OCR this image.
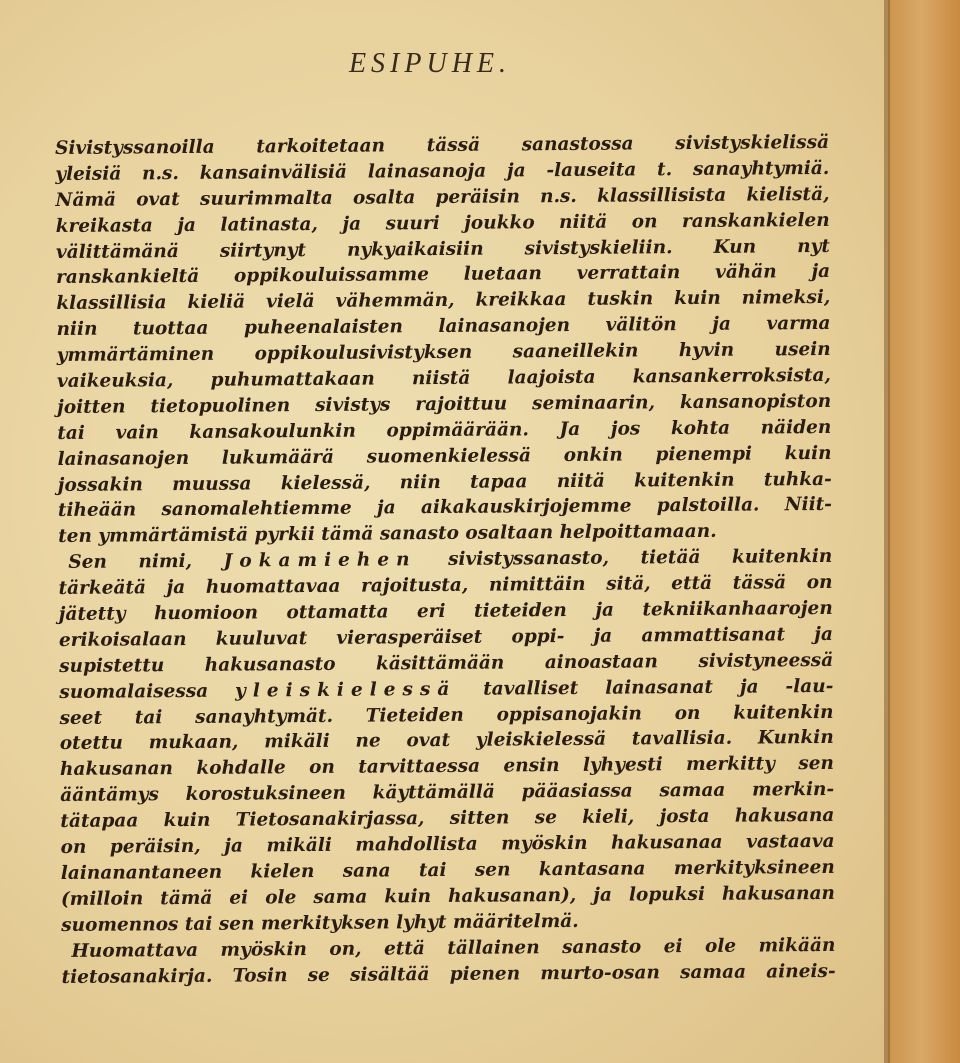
ESIPUHE.
Sivistyssanoilla tarkoitetaan tässä sanastossa sivistyskielissä
yleisiä n.s. kansainvälisiä lainasanoja ja -lauseita t. sanayhtymiä.
Nämä ovat suurimmalta osalta peräisin n.s. klassillisista kielistä,
kreikasta ja latinasta, ja suuri joukko niitä on ranskankielen
välittämänä siirtynyt nykyaikaisiin sivistyskieliin. Kun nyt
ranskankieltä oppikouluissamme luetaan verrattain vähän ja
klassillisia kieliä vielä vähemmän, kreikkaa tuskin kuin nimeksi,
niin tuottaa puheenalaisten lainasanojen välitön ja varma
ymmärtäminen oppikoulusivistyksen saaneillekin hyvin usein
vaikeuksia, puhumattakaan niistä laajoista kansankerroksista,
joitten tietopuolinen sivistys rajoittuu seminaarin, kansanopiston
tai vain kansakoulunkin oppimäärään. Ja jos kohta näiden
lainasanojen lukumäärä suomenkielessä onkin pienempi kuin
jossakin muussa kielessä, niin tapaa niitä kuitenkin tuhka-
tiheään sanomalehtiemme ja aikakauskirjojemme palstoilla. Niit-
ten ymmärtämistä pyrkii tämä sanasto osaltaan helpoittamaan.
Sen nimi, Jokamiehen sivistyssanasto, tietää kuitenkin
tärkeätä ja huomattavaa rajoitusta, nimittäin sitä, että tässä on
jätetty huomioon ottamatta eri tieteiden ja tekniikanhaarojen
erikoisalaan kuuluvat vierasperäiset oppi- ja ammattisanat ja
supistettu hakusanasto käsittämään ainoastaan sivistyneessä
suomalaisessa yleiskielessä tavalliset lainasanat ja -lau-
seet tai sanayhtymät. Tieteiden oppisanojakin on kuitenkin
otettu mukaan, mikäli ne ovat yleiskielessä tavallisia. Kunkin
hakusanan kohdalle on tarvittaessa ensin lyhyesti merkitty sen
ääntämys korostuksineen käyttämällä pääasiassa samaa merkin-
tätapaa kuin Tietosanakirjassa, sitten se kieli, josta hakusana
on peräisin, ja mikäli mahdollista myöskin hakusanaa vastaava
lainanantaneen kielen sana tai sen kantasana merkityksineen
(milloin tämä ei ole sama kuin hakusanan), ja lopuksi hakusanan
suomennos tai sen merkityksen lyhyt määritelmä.
Huomattava myöskin on, että tällainen sanasto ei ole mikään
tietosanakirja. Tosin se sisältää pienen murto-osan samaa aineis-
